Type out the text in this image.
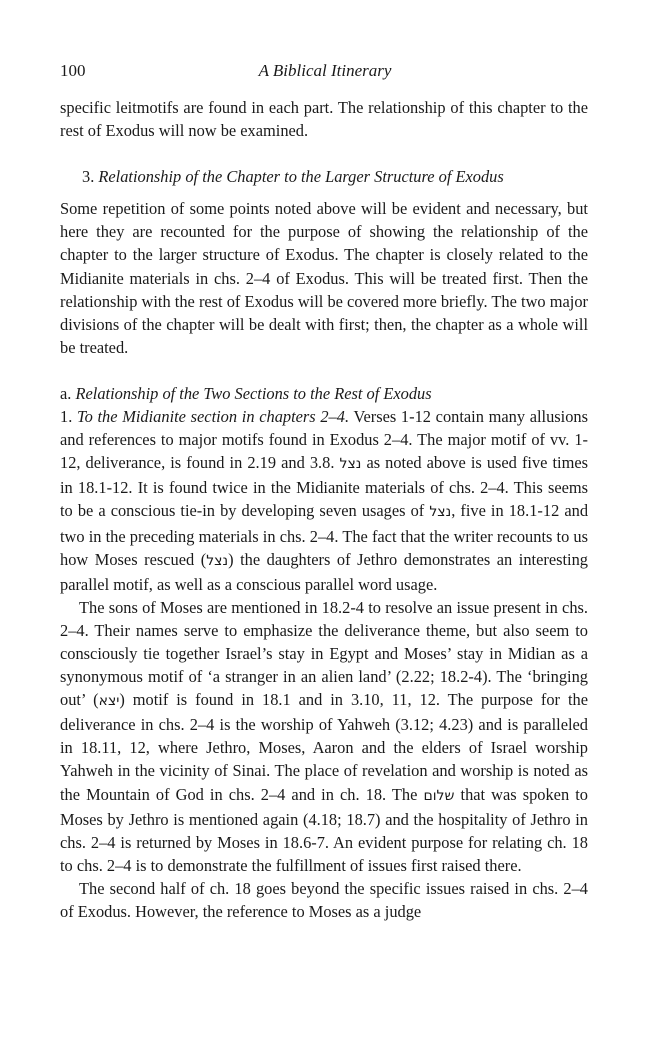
100	A Biblical Itinerary

specific leitmotifs are found in each part. The relationship of this chapter to the rest of Exodus will now be examined.

3. Relationship of the Chapter to the Larger Structure of Exodus

Some repetition of some points noted above will be evident and necessary, but here they are recounted for the purpose of showing the relationship of the chapter to the larger structure of Exodus. The chapter is closely related to the Midianite materials in chs. 2–4 of Exodus. This will be treated first. Then the relationship with the rest of Exodus will be covered more briefly. The two major divisions of the chapter will be dealt with first; then, the chapter as a whole will be treated.

a. Relationship of the Two Sections to the Rest of Exodus

1. To the Midianite section in chapters 2–4. Verses 1-12 contain many allusions and references to major motifs found in Exodus 2–4. The major motif of vv. 1-12, deliverance, is found in 2.19 and 3.8. נצל as noted above is used five times in 18.1-12. It is found twice in the Midianite materials of chs. 2–4. This seems to be a conscious tie-in by developing seven usages of נצל, five in 18.1-12 and two in the preceding materials in chs. 2–4. The fact that the writer recounts to us how Moses rescued (נצל) the daughters of Jethro demonstrates an interesting parallel motif, as well as a conscious parallel word usage.

The sons of Moses are mentioned in 18.2-4 to resolve an issue present in chs. 2–4. Their names serve to emphasize the deliverance theme, but also seem to consciously tie together Israel’s stay in Egypt and Moses’ stay in Midian as a synonymous motif of ‘a stranger in an alien land’ (2.22; 18.2-4). The ‘bringing out’ (יצא) motif is found in 18.1 and in 3.10, 11, 12. The purpose for the deliverance in chs. 2–4 is the worship of Yahweh (3.12; 4.23) and is paralleled in 18.11, 12, where Jethro, Moses, Aaron and the elders of Israel worship Yahweh in the vicinity of Sinai. The place of revelation and worship is noted as the Mountain of God in chs. 2–4 and in ch. 18. The שלום that was spoken to Moses by Jethro is mentioned again (4.18; 18.7) and the hospitality of Jethro in chs. 2–4 is returned by Moses in 18.6-7. An evident purpose for relating ch. 18 to chs. 2–4 is to demonstrate the fulfillment of issues first raised there.

The second half of ch. 18 goes beyond the specific issues raised in chs. 2–4 of Exodus. However, the reference to Moses as a judge
